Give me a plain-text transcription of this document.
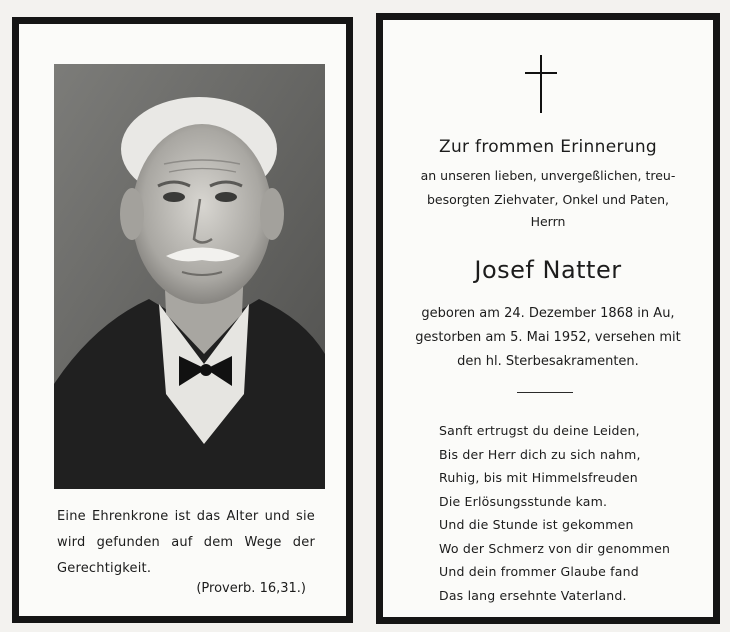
Eine Ehrenkrone ist das Alter und sie
wird gefunden auf dem Wege der
Gerechtigkeit.
(Proverb. 16,31.)
Zur frommen Erinnerung
an unseren lieben, unvergeßlichen, treu-
besorgten Ziehvater, Onkel und Paten,
Herrn
Josef Natter
geboren am 24. Dezember 1868 in Au,
gestorben am 5. Mai 1952, versehen mit
den hl. Sterbesakramenten.
Sanft ertrugst du deine Leiden,
Bis der Herr dich zu sich nahm,
Ruhig, bis mit Himmelsfreuden
Die Erlösungsstunde kam.
Und die Stunde ist gekommen
Wo der Schmerz von dir genommen
Und dein frommer Glaube fand
Das lang ersehnte Vaterland.
